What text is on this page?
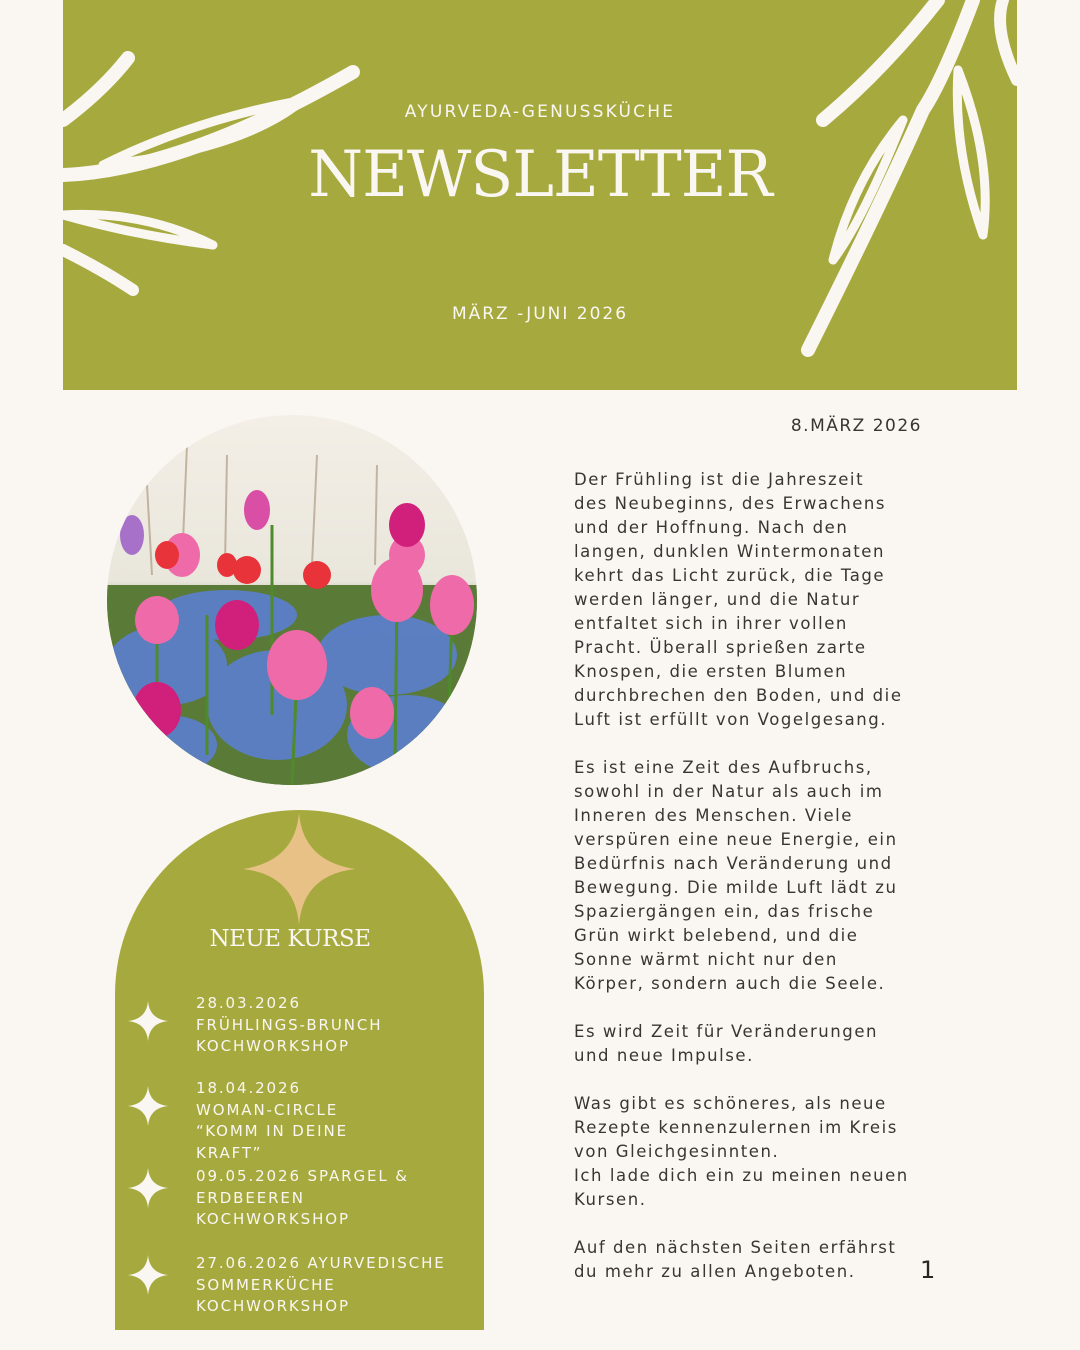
AYURVEDA-GENUSSKÜCHE
NEWSLETTER
MÄRZ -JUNI 2026
NEUE KURSE
28.03.2026
FRÜHLINGS-BRUNCH
KOCHWORKSHOP
18.04.2026
WOMAN-CIRCLE
“KOMM IN DEINE
KRAFT”
09.05.2026 SPARGEL &
ERDBEEREN
KOCHWORKSHOP
27.06.2026 AYURVEDISCHE
SOMMERKÜCHE
KOCHWORKSHOP
8.MÄRZ 2026

Der Frühling ist die Jahreszeit
des Neubeginns, des Erwachens
und der Hoffnung. Nach den
langen, dunklen Wintermonaten
kehrt das Licht zurück, die Tage
werden länger, und die Natur
entfaltet sich in ihrer vollen
Pracht. Überall sprießen zarte
Knospen, die ersten Blumen
durchbrechen den Boden, und die
Luft ist erfüllt von Vogelgesang.

Es ist eine Zeit des Aufbruchs,
sowohl in der Natur als auch im
Inneren des Menschen. Viele
verspüren eine neue Energie, ein
Bedürfnis nach Veränderung und
Bewegung. Die milde Luft lädt zu
Spaziergängen ein, das frische
Grün wirkt belebend, und die
Sonne wärmt nicht nur den
Körper, sondern auch die Seele.

Es wird Zeit für Veränderungen
und neue Impulse.

Was gibt es schöneres, als neue
Rezepte kennenzulernen im Kreis
von Gleichgesinnten.
Ich lade dich ein zu meinen neuen
Kursen.

Auf den nächsten Seiten erfährst
du mehr zu allen Angeboten.	1
